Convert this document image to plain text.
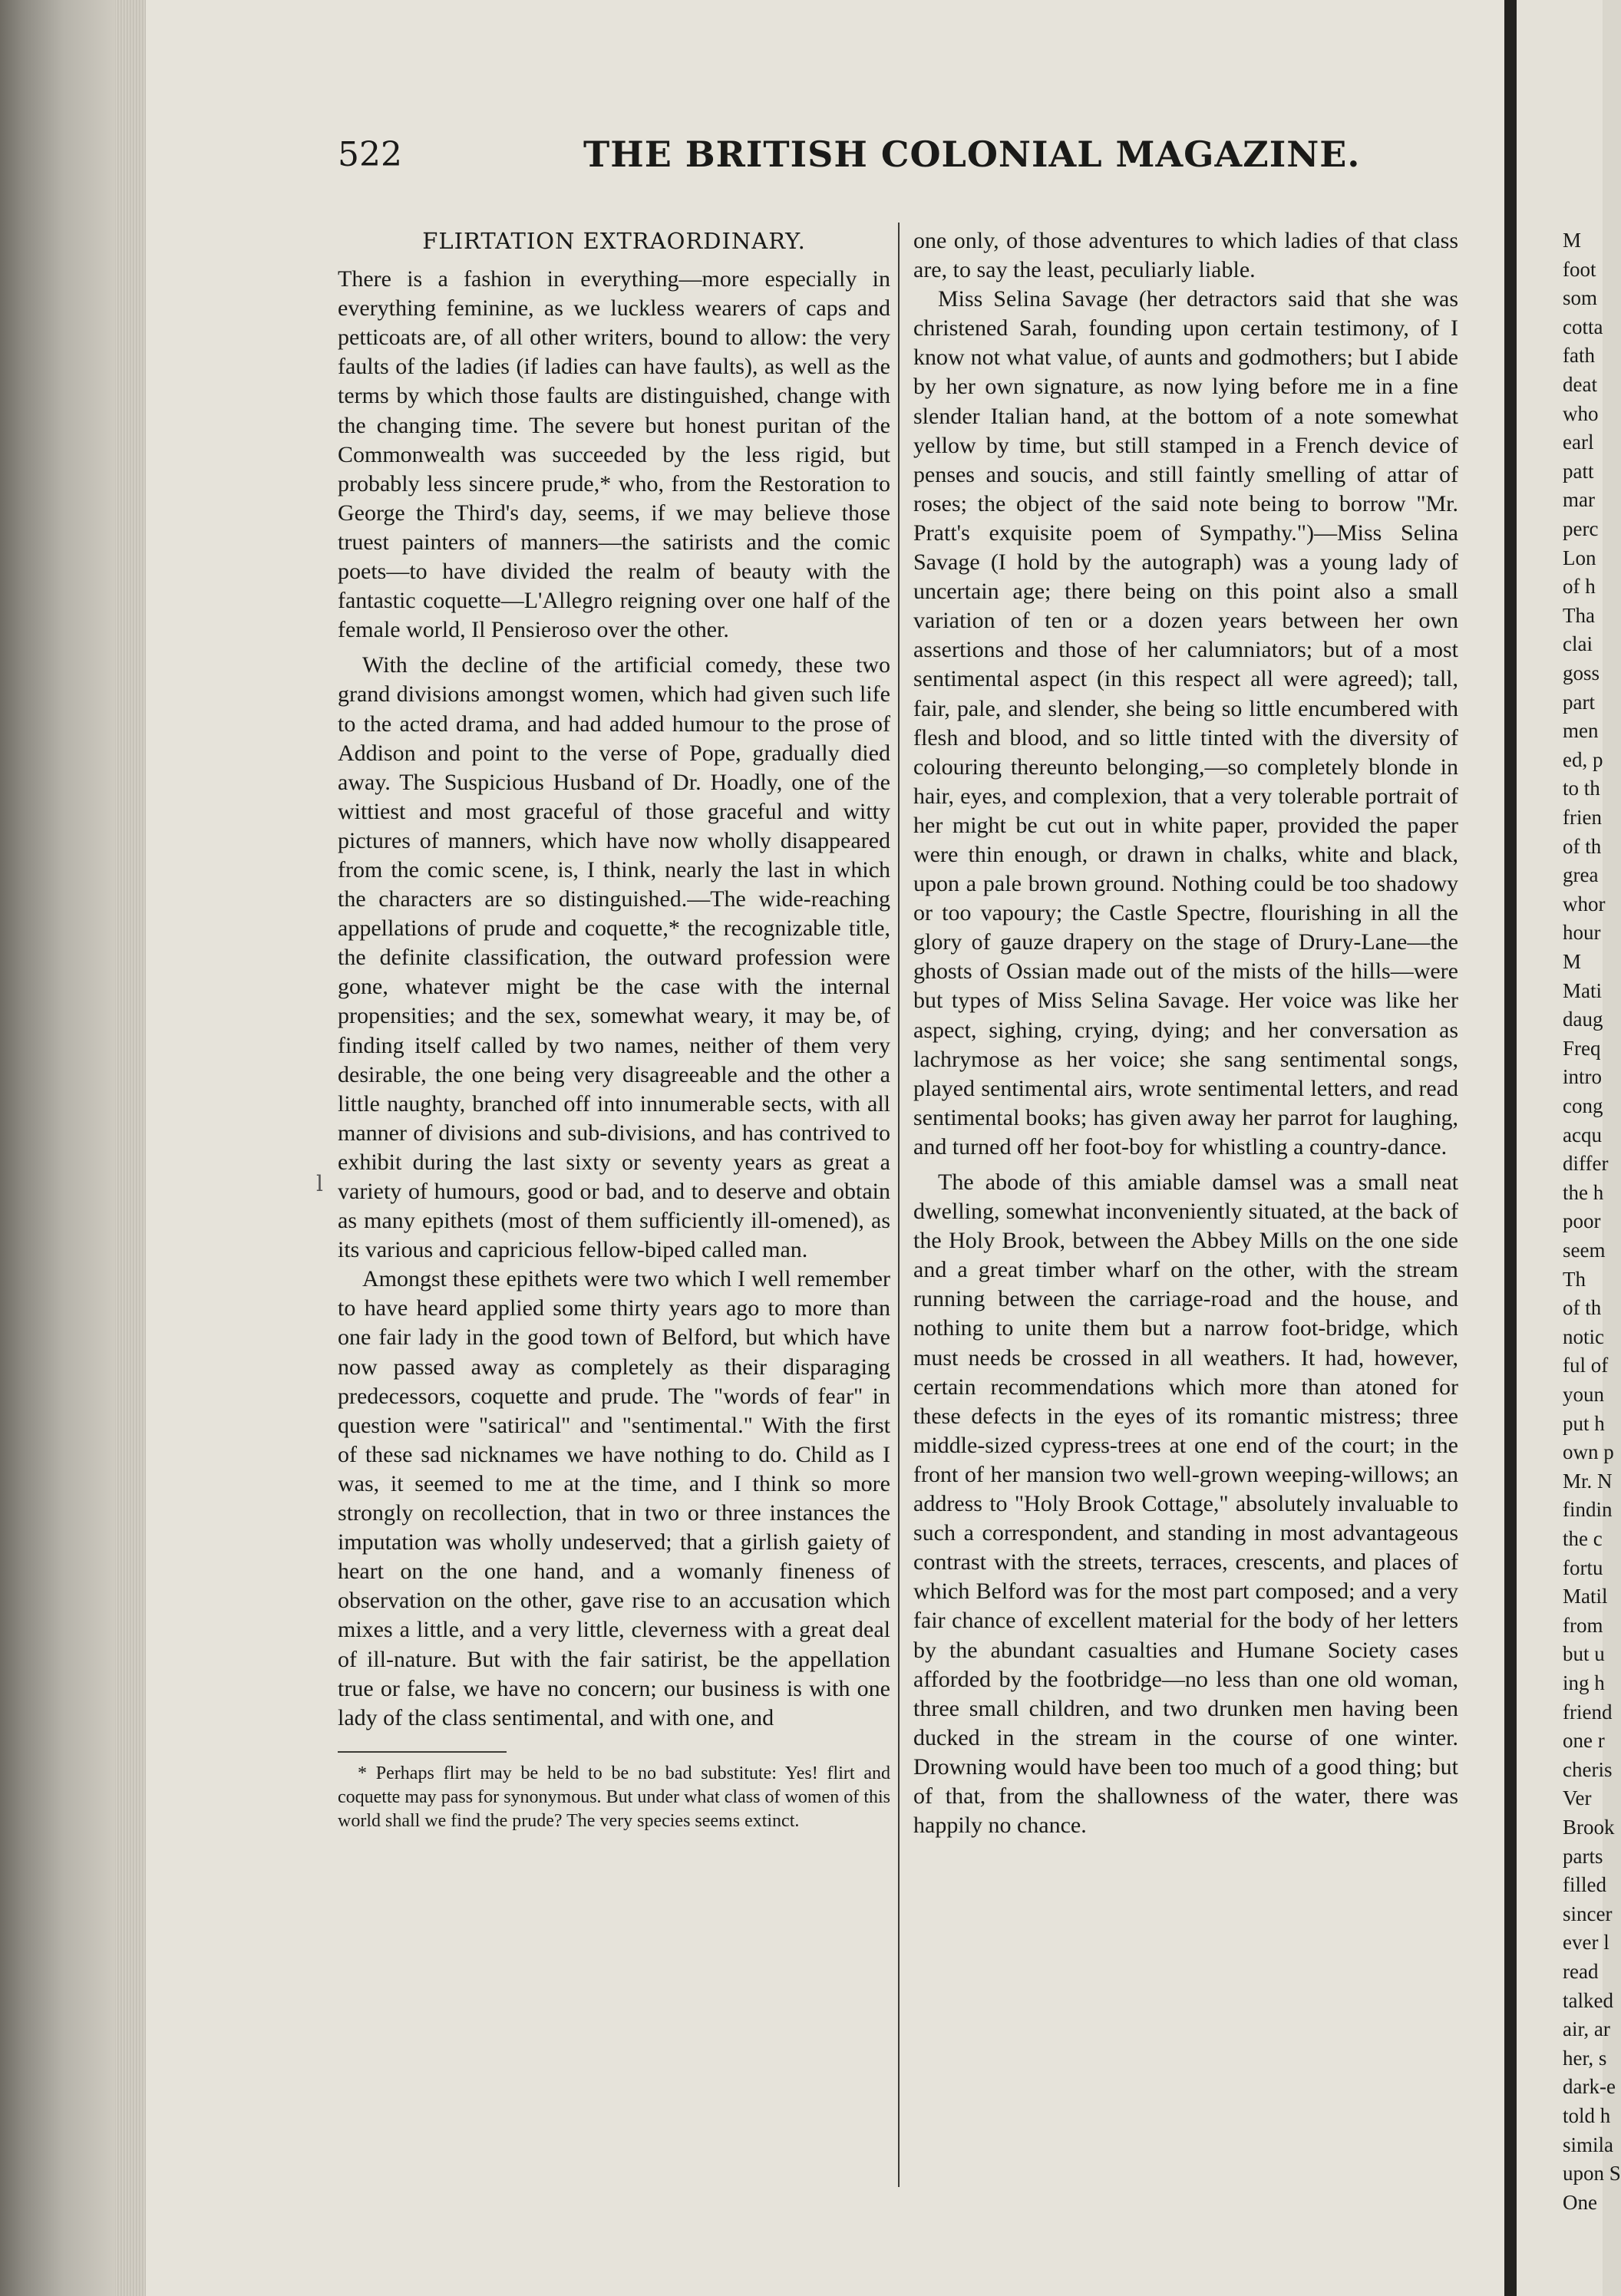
M
foot
som
cotta
fath
deat
who
earl
patt
mar
perc
Lon
of h
Tha
clai
goss
part
men
ed, p
to th
frien
of th
grea
whor
hour
M
Mati
daug
Freq
intro
cong
acqu
differ
the h
poor
seem
Th
of th
notic
ful of
youn
put h
own p
Mr. N
findin
the c
fortu
Matil
from
but u
ing h
friend
one r
cheris
Ver
Brook
parts
filled
sincer
ever l
read
talked
air, ar
her, s
dark-e
told h
simila
upon S
One
522	THE BRITISH COLONIAL MAGAZINE.
FLIRTATION EXTRAORDINARY.

There is a fashion in everything—more especially in everything feminine, as we luckless wearers of caps and petticoats are, of all other writers, bound to allow: the very faults of the ladies (if ladies can have faults), as well as the terms by which those faults are distinguished, change with the changing time. The severe but honest puritan of the Commonwealth was succeeded by the less rigid, but probably less sincere prude,* who, from the Restoration to George the Third's day, seems, if we may believe those truest painters of manners—the satirists and the comic poets—to have divided the realm of beauty with the fantastic coquette—L'Allegro reigning over one half of the female world, Il Pensieroso over the other.

With the decline of the artificial comedy, these two grand divisions amongst women, which had given such life to the acted drama, and had added humour to the prose of Addison and point to the verse of Pope, gradually died away. The Suspicious Husband of Dr. Hoadly, one of the wittiest and most graceful of those graceful and witty pictures of manners, which have now wholly disappeared from the comic scene, is, I think, nearly the last in which the characters are so distinguished.—The wide-reaching appellations of prude and coquette,* the recognizable title, the definite classification, the outward profession were gone, whatever might be the case with the internal propensities; and the sex, somewhat weary, it may be, of finding itself called by two names, neither of them very desirable, the one being very disagreeable and the other a little naughty, branched off into innumerable sects, with all manner of divisions and sub-divisions, and has contrived to exhibit during the last sixty or seventy years as great a variety of humours, good or bad, and to deserve and obtain as many epithets (most of them sufficiently ill-omened), as its various and capricious fellow-biped called man.

Amongst these epithets were two which I well remember to have heard applied some thirty years ago to more than one fair lady in the good town of Belford, but which have now passed away as completely as their disparaging predecessors, coquette and prude. The "words of fear" in question were "satirical" and "sentimental." With the first of these sad nicknames we have nothing to do. Child as I was, it seemed to me at the time, and I think so more strongly on recollection, that in two or three instances the imputation was wholly undeserved; that a girlish gaiety of heart on the one hand, and a womanly fineness of observation on the other, gave rise to an accusation which mixes a little, and a very little, cleverness with a great deal of ill-nature. But with the fair satirist, be the appellation true or false, we have no concern; our business is with one lady of the class sentimental, and with one, and

* Perhaps flirt may be held to be no bad substitute: Yes! flirt and coquette may pass for synonymous. But under what class of women of this world shall we find the prude? The very species seems extinct.

one only, of those adventures to which ladies of that class are, to say the least, peculiarly liable.

Miss Selina Savage (her detractors said that she was christened Sarah, founding upon certain testimony, of I know not what value, of aunts and godmothers; but I abide by her own signature, as now lying before me in a fine slender Italian hand, at the bottom of a note somewhat yellow by time, but still stamped in a French device of penses and soucis, and still faintly smelling of attar of roses; the object of the said note being to borrow "Mr. Pratt's exquisite poem of Sympathy.")—Miss Selina Savage (I hold by the autograph) was a young lady of uncertain age; there being on this point also a small variation of ten or a dozen years between her own assertions and those of her calumniators; but of a most sentimental aspect (in this respect all were agreed); tall, fair, pale, and slender, she being so little encumbered with flesh and blood, and so little tinted with the diversity of colouring thereunto belonging,—so completely blonde in hair, eyes, and complexion, that a very tolerable portrait of her might be cut out in white paper, provided the paper were thin enough, or drawn in chalks, white and black, upon a pale brown ground. Nothing could be too shadowy or too vapoury; the Castle Spectre, flourishing in all the glory of gauze drapery on the stage of Drury-Lane—the ghosts of Ossian made out of the mists of the hills—were but types of Miss Selina Savage. Her voice was like her aspect, sighing, crying, dying; and her conversation as lachrymose as her voice; she sang sentimental songs, played sentimental airs, wrote sentimental letters, and read sentimental books; has given away her parrot for laughing, and turned off her foot-boy for whistling a country-dance.

The abode of this amiable damsel was a small neat dwelling, somewhat inconveniently situated, at the back of the Holy Brook, between the Abbey Mills on the one side and a great timber wharf on the other, with the stream running between the carriage-road and the house, and nothing to unite them but a narrow foot-bridge, which must needs be crossed in all weathers. It had, however, certain recommendations which more than atoned for these defects in the eyes of its romantic mistress; three middle-sized cypress-trees at one end of the court; in the front of her mansion two well-grown weeping-willows; an address to "Holy Brook Cottage," absolutely invaluable to such a correspondent, and standing in most advantageous contrast with the streets, terraces, crescents, and places of which Belford was for the most part composed; and a very fair chance of excellent material for the body of her letters by the abundant casualties and Humane Society cases afforded by the footbridge—no less than one old woman, three small children, and two drunken men having been ducked in the stream in the course of one winter. Drowning would have been too much of a good thing; but of that, from the shallowness of the water, there was happily no chance.

l
